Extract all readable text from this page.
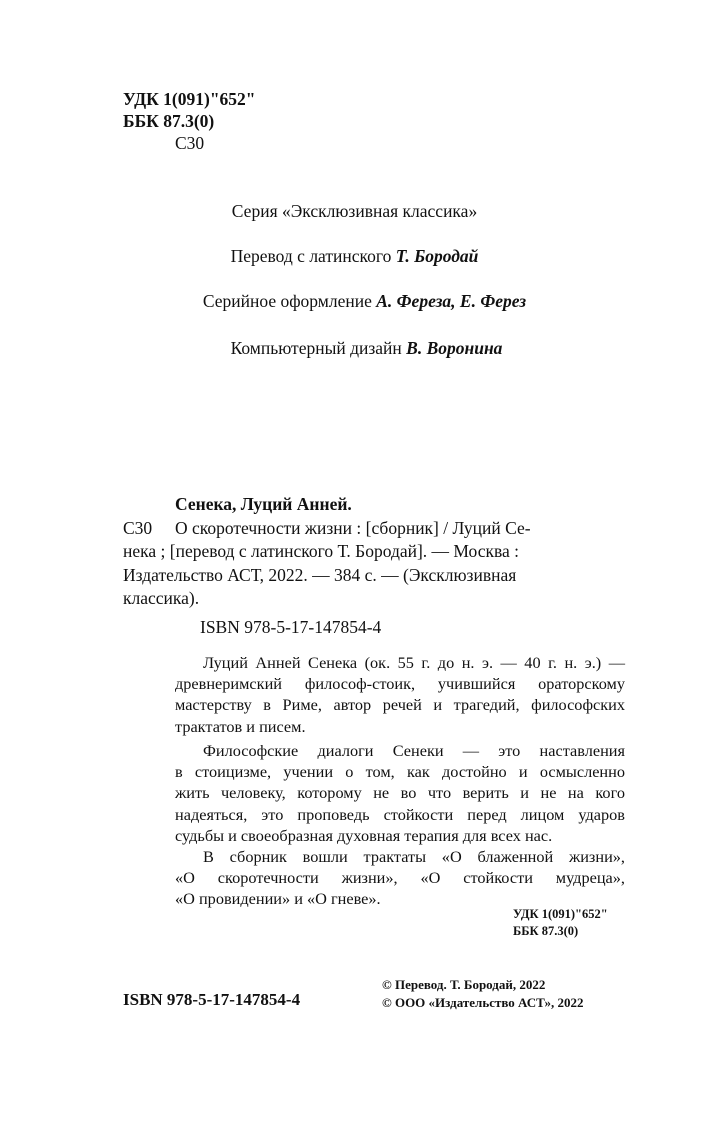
УДК 1(091)"652"
ББК 87.3(0)
С30
Серия «Эксклюзивная классика»
Перевод с латинского Т. Бородай
Серийное оформление А. Фереза, Е. Ферез
Компьютерный дизайн В. Воронина
Сенека, Луций Анней.
С30	О скоротечности жизни : [сборник] / Луций Се-
нека ; [перевод с латинского Т. Бородай]. — Москва :
Издательство АСТ, 2022. — 384 с. — (Эксклюзивная
классика).
ISBN 978-5-17-147854-4
Луций Анней Сенека (ок. 55 г. до н. э. — 40 г. н. э.) —
древнеримский философ-стоик, учившийся ораторскому
мастерству в Риме, автор речей и трагедий, философских
трактатов и писем.
Философские диалоги Сенеки — это наставления
в стоицизме, учении о том, как достойно и осмысленно
жить человеку, которому не во что верить и не на кого
надеяться, это проповедь стойкости перед лицом ударов
судьбы и своеобразная духовная терапия для всех нас.
В сборник вошли трактаты «О блаженной жизни»,
«О скоротечности жизни», «О стойкости мудреца»,
«О провидении» и «О гневе».
УДК 1(091)"652"
ББК 87.3(0)
ISBN 978-5-17-147854-4
© Перевод. Т. Бородай, 2022
© ООО «Издательство АСТ», 2022
